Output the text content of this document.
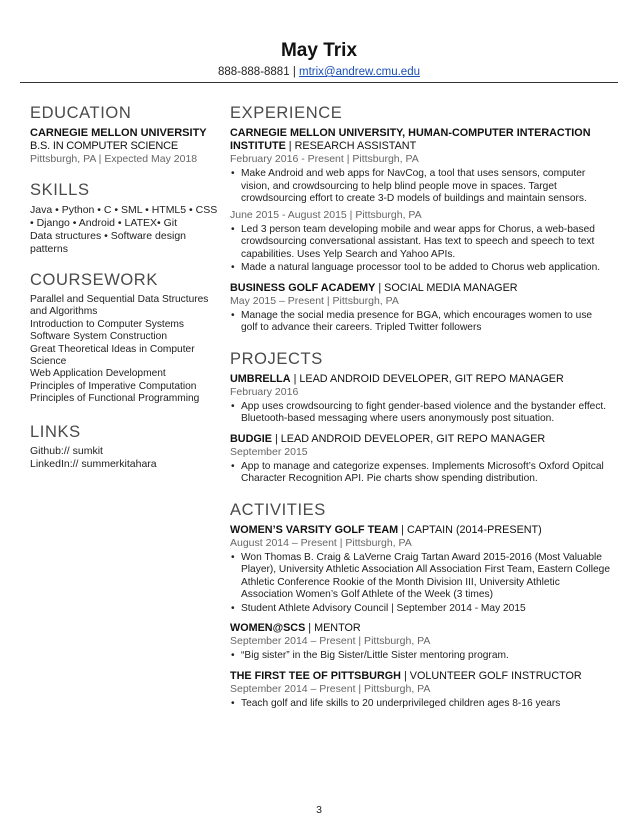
May Trix
888-888-8881 | mtrix@andrew.cmu.edu
EDUCATION
CARNEGIE MELLON UNIVERSITY
B.S. IN COMPUTER SCIENCE
Pittsburgh, PA | Expected May 2018
SKILLS
Java • Python • C • SML • HTML5 • CSS • Django • Android • LATEX• Git
Data structures • Software design patterns
COURSEWORK
Parallel and Sequential Data Structures and Algorithms
Introduction to Computer Systems
Software System Construction
Great Theoretical Ideas in Computer Science
Web Application Development
Principles of Imperative Computation
Principles of Functional Programming
LINKS
Github:// sumkit
LinkedIn:// summerkitahara
EXPERIENCE
CARNEGIE MELLON UNIVERSITY, HUMAN-COMPUTER INTERACTION INSTITUTE | RESEARCH ASSISTANT
February 2016 - Present | Pittsburgh, PA
• Make Android and web apps for NavCog, a tool that uses sensors, computer vision, and crowdsourcing to help blind people move in spaces. Target crowdsourcing effort to create 3-D models of buildings and maintain sensors.
June 2015 - August 2015 | Pittsburgh, PA
• Led 3 person team developing mobile and wear apps for Chorus, a web-based crowdsourcing conversational assistant. Has text to speech and speech to text capabilities. Uses Yelp Search and Yahoo APIs.
• Made a natural language processor tool to be added to Chorus web application.
BUSINESS GOLF ACADEMY | SOCIAL MEDIA MANAGER
May 2015 – Present | Pittsburgh, PA
• Manage the social media presence for BGA, which encourages women to use golf to advance their careers. Tripled Twitter followers
PROJECTS
UMBRELLA | LEAD ANDROID DEVELOPER, GIT REPO MANAGER
February 2016
• App uses crowdsourcing to fight gender-based violence and the bystander effect. Bluetooth-based messaging where users anonymously post situation.
BUDGIE | LEAD ANDROID DEVELOPER, GIT REPO MANAGER
September 2015
• App to manage and categorize expenses. Implements Microsoft’s Oxford Opitcal Character Recognition API. Pie charts show spending distribution.
ACTIVITIES
WOMEN’S VARSITY GOLF TEAM | CAPTAIN (2014-PRESENT)
August 2014 – Present | Pittsburgh, PA
• Won Thomas B. Craig & LaVerne Craig Tartan Award 2015-2016 (Most Valuable Player), University Athletic Association All Association First Team, Eastern College Athletic Conference Rookie of the Month Division III, University Athletic Association Women’s Golf Athlete of the Week (3 times)
• Student Athlete Advisory Council | September 2014 - May 2015
WOMEN@SCS | MENTOR
September 2014 – Present | Pittsburgh, PA
• “Big sister” in the Big Sister/Little Sister mentoring program.
THE FIRST TEE OF PITTSBURGH | VOLUNTEER GOLF INSTRUCTOR
September 2014 – Present | Pittsburgh, PA
• Teach golf and life skills to 20 underprivileged children ages 8-16 years
3
